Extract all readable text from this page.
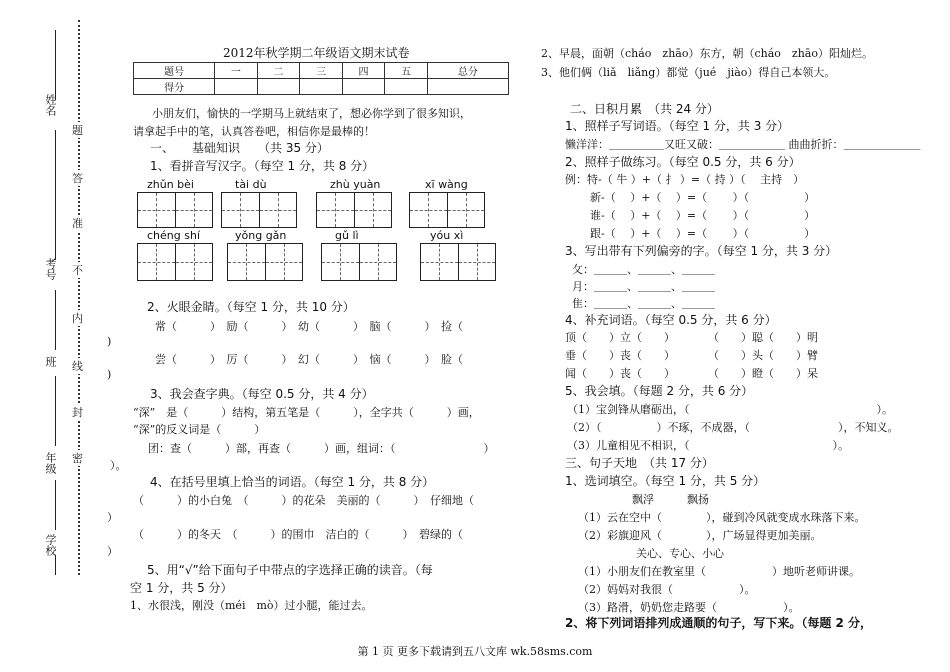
姓名
考号
班
年级
学校
题
答
准
不
内
线
封
密
2012年秋学期二年级语文期末试卷
题号	一	二	三	四	五	总分
得分						
小朋友们，愉快的一学期马上就结束了，想必你学到了很多知识，
请拿起手中的笔，认真答卷吧，相信你是最棒的！
一、　　基础知识　　（共 35 分）
1、看拼音写汉字。（每空 1 分，共 8 分）
zhǔn bèi	tài dù	zhù yuàn	xī wàng
chéng shí	yǒng gǎn	gǔ lì	yóu xì
2、火眼金睛。（每空 1 分，共 10 分）
常（　　　）　励（　　　）　幼（　　　）　脑（　　　）　捡（
)
尝（　　　）　厉（　　　）　幻（　　　）　恼（　　　）　脸（
)
3、我会查字典。（每空 0.5 分，共 4 分）
“深”　是（　　　）结构，第五笔是（　　　），全字共（　　　）画，
“深”的反义词是（　　　）
团：查（　　　）部，再查（　　　）画，组词：（　　　　　　　　）
）。
4、在括号里填上恰当的词语。（每空 1 分，共 8 分）
（　　　）的小白兔　（　　　）的花朵　美丽的（　　　）　仔细地（
）
（　　　）的冬天　（　　　）的围巾　洁白的（　　　）　碧绿的（
）
5、用“√”给下面句子中带点的字选择正确的读音。（每
空 1 分，共 5 分）
1、水很浅，刚没（méi　mò）过小腿，能过去。
2、早晨，面朝（cháo　zhāo）东方，朝（cháo　zhāo）阳灿烂。
3、他们俩（liǎ　liǎng）都觉（jué　jiào）得自己本领大。
二、日积月累　（共 24 分）
1、照样子写词语。（每空 1 分，共 3 分）
懒洋洋：＿＿＿＿＿又旺又破：＿＿＿＿＿＿ 曲曲折折：＿＿＿＿＿＿＿
2、照样子做练习。（每空 0.5 分，共 6 分）
例：特-（ 牛 ）+（ 扌 ）=（ 持 ）（　 主持　）
新-（　 ）+（　 ）=（　　 ）（　　　　　）
谁-（　 ）+（　 ）=（　　 ）（　　　　　）
跟-（　 ）+（　 ）=（　　 ）（　　　　　）
3、写出带有下列偏旁的字。（每空 1 分，共 3 分）
攵：＿＿＿、＿＿＿、＿＿＿
月：＿＿＿、＿＿＿、＿＿＿
隹：＿＿＿、＿＿＿、＿＿＿
4、补充词语。（每空 0.5 分，共 6 分）
顶（　　）立（　　）　　　　（　　）聪（　　）明
垂（　　）丧（　　）　　　　（　　）头（　　）臂
闻（　　）丧（　　）　　　　（　　）瞪（　　）呆
5、我会填。（每题 2 分，共 6 分）
（1）宝剑锋从磨砺出，（　　　　　　　　　　　　　　　　　）。
（2）（　　　　　）不琢，不成器，（　　　　　　　　），不知义。
（3）儿童相见不相识，（　　　　　　　　　　　　　）。
三、句子天地　（共 17 分）
1、选词填空。（每空 1 分，共 5 分）
飘浮　　　飘扬
（1）云在空中（　　　　），碰到冷风就变成水珠落下来。
（2）彩旗迎风（　　　　），广场显得更加美丽。
关心、专心、小心
（1）小朋友们在教室里（　　　　　　）地听老师讲课。
（2）妈妈对我很（　　　　　　）。
（3）路滑，奶奶您走路要（　　　　　　）。
2、将下列词语排列成通顺的句子，写下来。（每题 2 分，
第 1 页 更多下载请到五八文库 wk.58sms.com
